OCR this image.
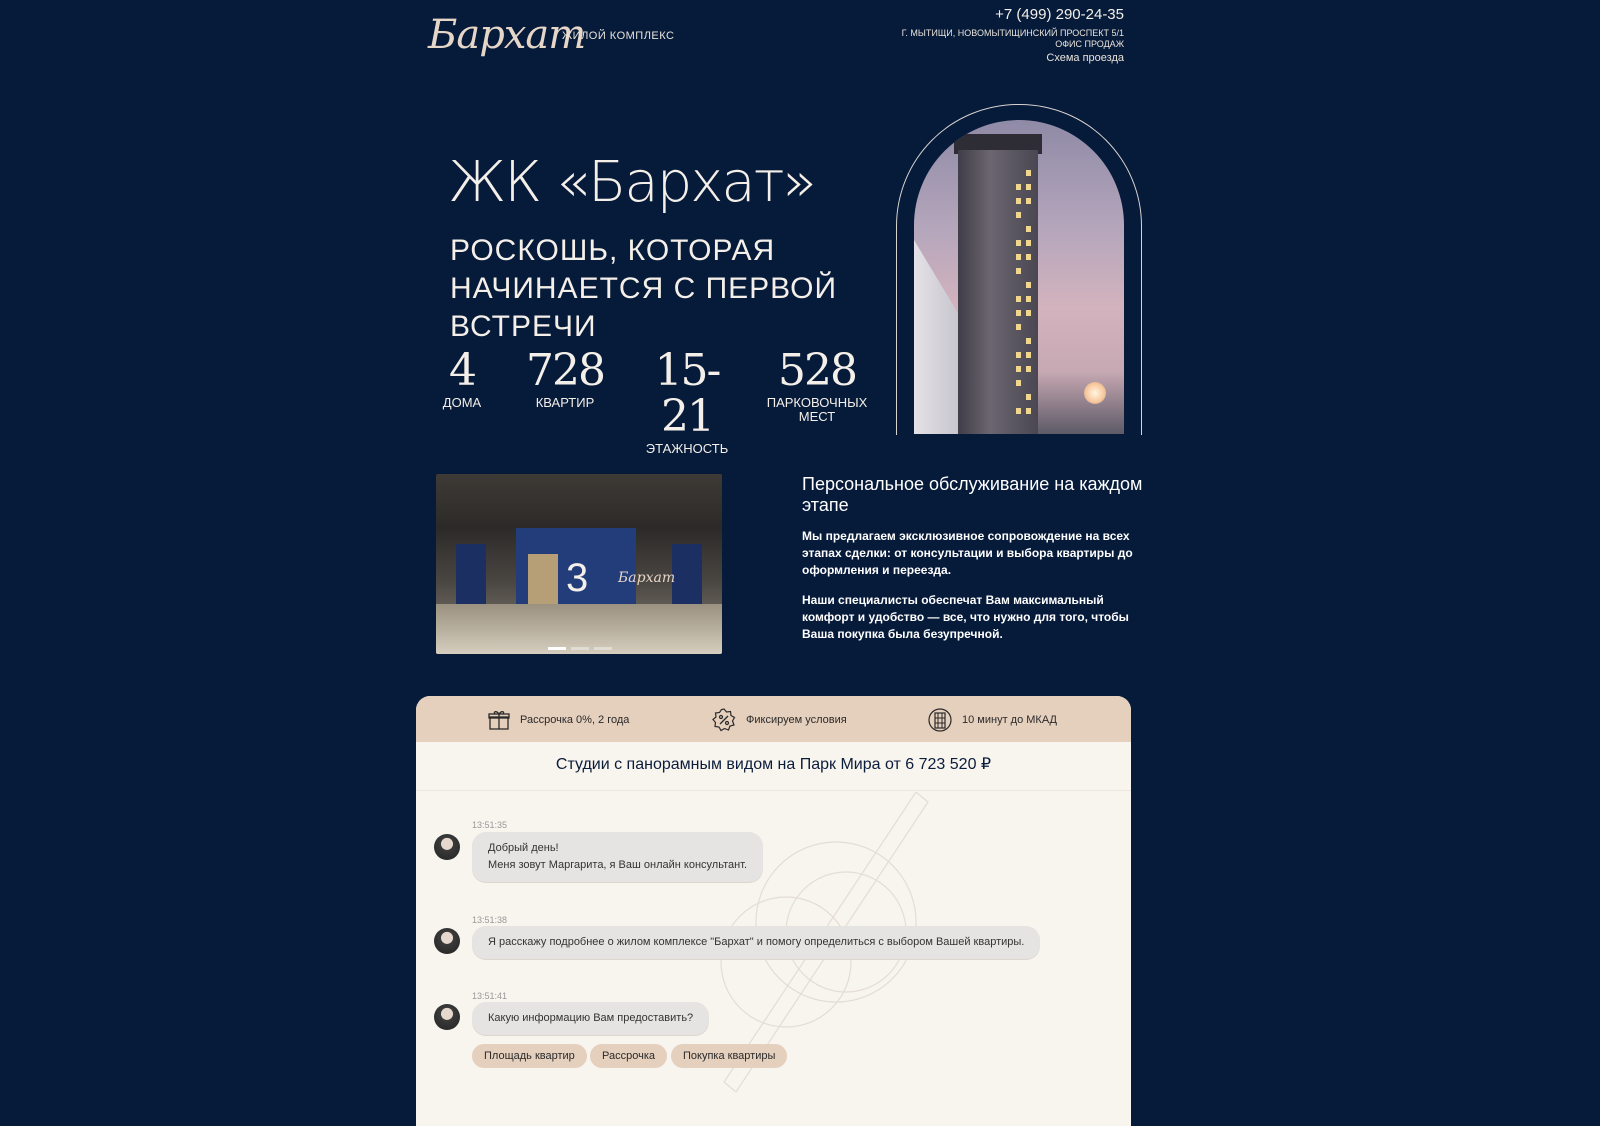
Бархат
ЖИЛОЙ КОМПЛЕКС
+7 (499) 290-24-35
Г. МЫТИЩИ, НОВОМЫТИЩИНСКИЙ ПРОСПЕКТ 5/1
ОФИС ПРОДАЖ
Схема проезда
ЖК «Бархат»
РОСКОШЬ, КОТОРАЯ
НАЧИНАЕТСЯ С ПЕРВОЙ ВСТРЕЧИ
4
ДОМА
728
КВАРТИР
15-21
ЭТАЖНОСТЬ
528
ПАРКОВОЧНЫХ МЕСТ
3 Бархат
Персональное обслуживание на каждом этапе
Мы предлагаем эксклюзивное сопровождение на всех этапах сделки: от консультации и выбора квартиры до оформления и переезда.
Наши специалисты обеспечат Вам максимальный комфорт и удобство — все, что нужно для того, чтобы Ваша покупка была безупречной.
Рассрочка 0%, 2 года	Фиксируем условия	10 минут до МКАД
Студии с панорамным видом на Парк Мира от 6 723 520 ₽
13:51:35
Добрый день!
Меня зовут Маргарита, я Ваш онлайн консультант.
13:51:38
Я расскажу подробнее о жилом комплексе "Бархат" и помогу определиться с выбором Вашей квартиры.
13:51:41
Какую информацию Вам предоставить?
Площадь квартир	Рассрочка	Покупка квартиры
